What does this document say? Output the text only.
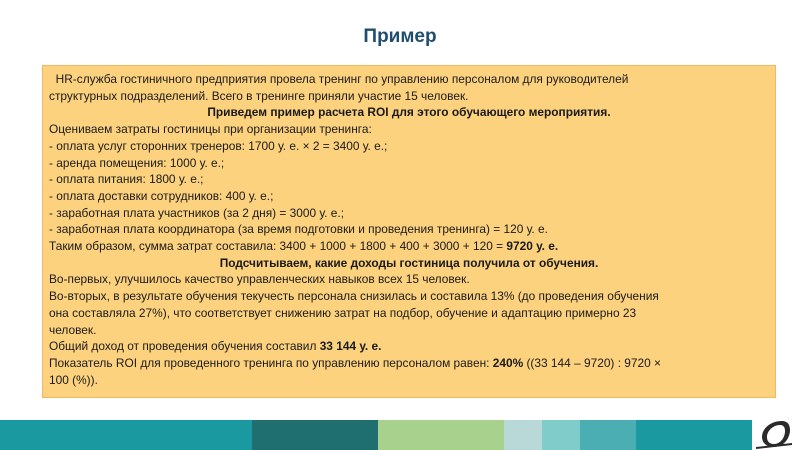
Пример
HR-служба гостиничного предприятия провела тренинг по управлению персоналом для руководителей
структурных подразделений. Всего в тренинге приняли участие 15 человек.
Приведем пример расчета ROI для этого обучающего мероприятия.
Оцениваем затраты гостиницы при организации тренинга:
- оплата услуг сторонних тренеров: 1700 у. е. × 2 = 3400 у. е.;
- аренда помещения: 1000 у. е.;
- оплата питания: 1800 у. е.;
- оплата доставки сотрудников: 400 у. е.;
- заработная плата участников (за 2 дня) = 3000 у. е.;
- заработная плата координатора (за время подготовки и проведения тренинга) = 120 у. е.
Таким образом, сумма затрат составила: 3400 + 1000 + 1800 + 400 + 3000 + 120 = 9720 у. е.
Подсчитываем, какие доходы гостиница получила от обучения.
Во-первых, улучшилось качество управленческих навыков всех 15 человек.
Во-вторых, в результате обучения текучесть персонала снизилась и составила 13% (до проведения обучения
она составляла 27%), что соответствует снижению затрат на подбор, обучение и адаптацию примерно 23
человек.
Общий доход от проведения обучения составил 33 144 у. е.
Показатель ROI для проведенного тренинга по управлению персоналом равен: 240% ((33 144 – 9720) : 9720 ×
100 (%)).
